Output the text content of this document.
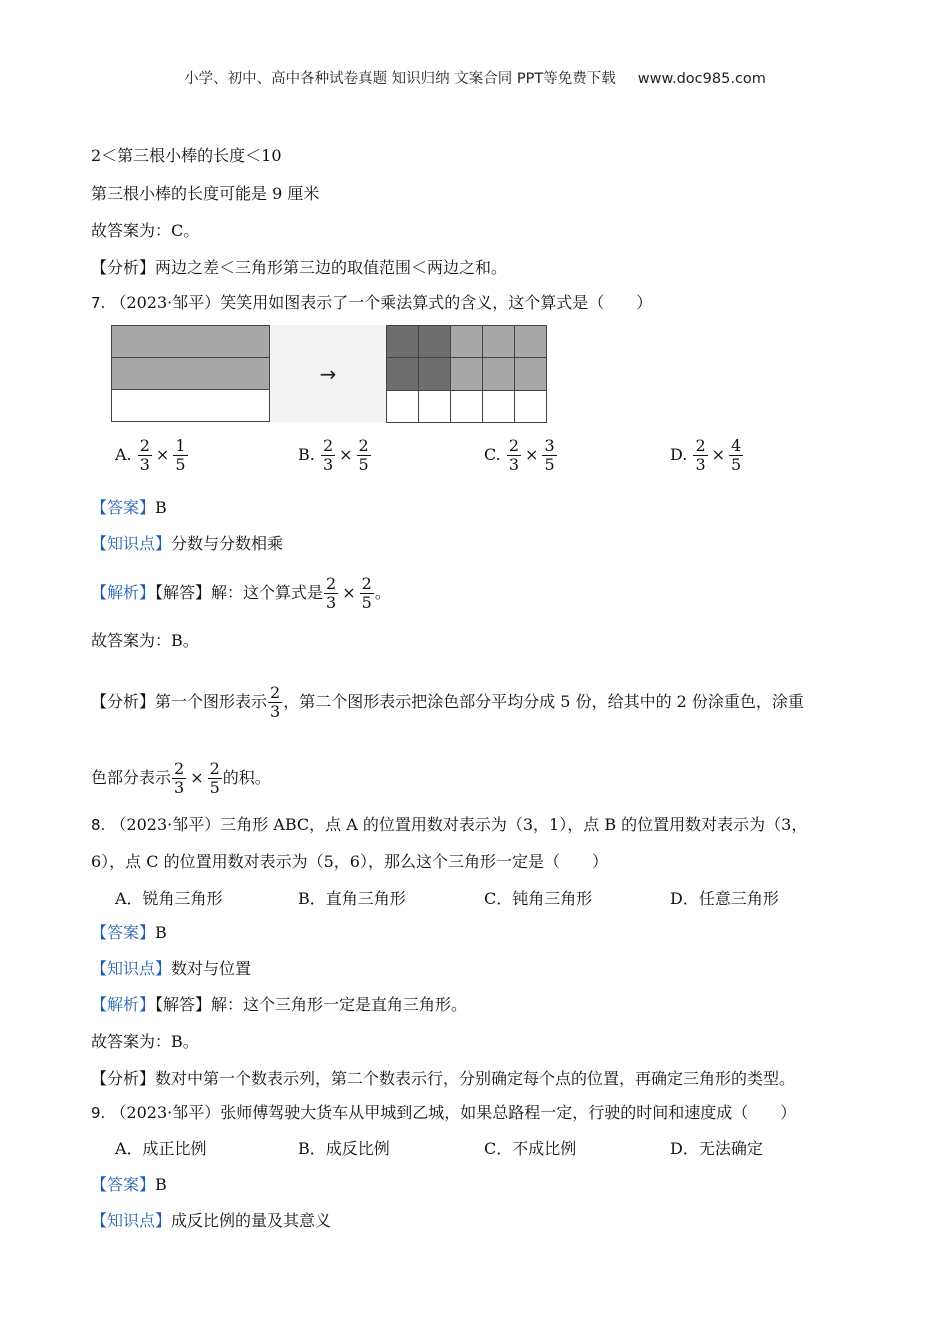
小学、初中、高中各种试卷真题 知识归纳 文案合同 PPT等免费下载 www.doc985.com
2＜第三根小棒的长度＜10
第三根小棒的长度可能是 9 厘米
故答案为：C。
【分析】两边之差＜三角形第三边的取值范围＜两边之和。
7. （2023·邹平）笑笑用如图表示了一个乘法算式的含义，这个算式是（　　）
→
A. $\frac{2}{3} \times \frac{1}{5}$	B. $\frac{2}{3} \times \frac{2}{5}$	C. $\frac{2}{3} \times \frac{3}{5}$	D. $\frac{2}{3} \times \frac{4}{5}$
【答案】B
【知识点】分数与分数相乘
【解析】【解答】解：这个算式是 $\frac{2}{3} \times \frac{2}{5}$ 。
故答案为：B。
【分析】第一个图形表示 $\frac{2}{3}$ ，第二个图形表示把涂色部分平均分成 5 份，给其中的 2 份涂重色，涂重
色部分表示 $\frac{2}{3} \times \frac{2}{5}$ 的积。
8. （2023·邹平）三角形 ABC，点 A 的位置用数对表示为（3，1），点 B 的位置用数对表示为（3，
6），点 C 的位置用数对表示为（5，6），那么这个三角形一定是（　　）
A．锐角三角形	B．直角三角形	C．钝角三角形	D．任意三角形
【答案】B
【知识点】数对与位置
【解析】【解答】解：这个三角形一定是直角三角形。
故答案为：B。
【分析】数对中第一个数表示列，第二个数表示行，分别确定每个点的位置，再确定三角形的类型。
9. （2023·邹平）张师傅驾驶大货车从甲城到乙城，如果总路程一定，行驶的时间和速度成（　　）
A．成正比例	B．成反比例	C．不成比例	D．无法确定
【答案】B
【知识点】成反比例的量及其意义
